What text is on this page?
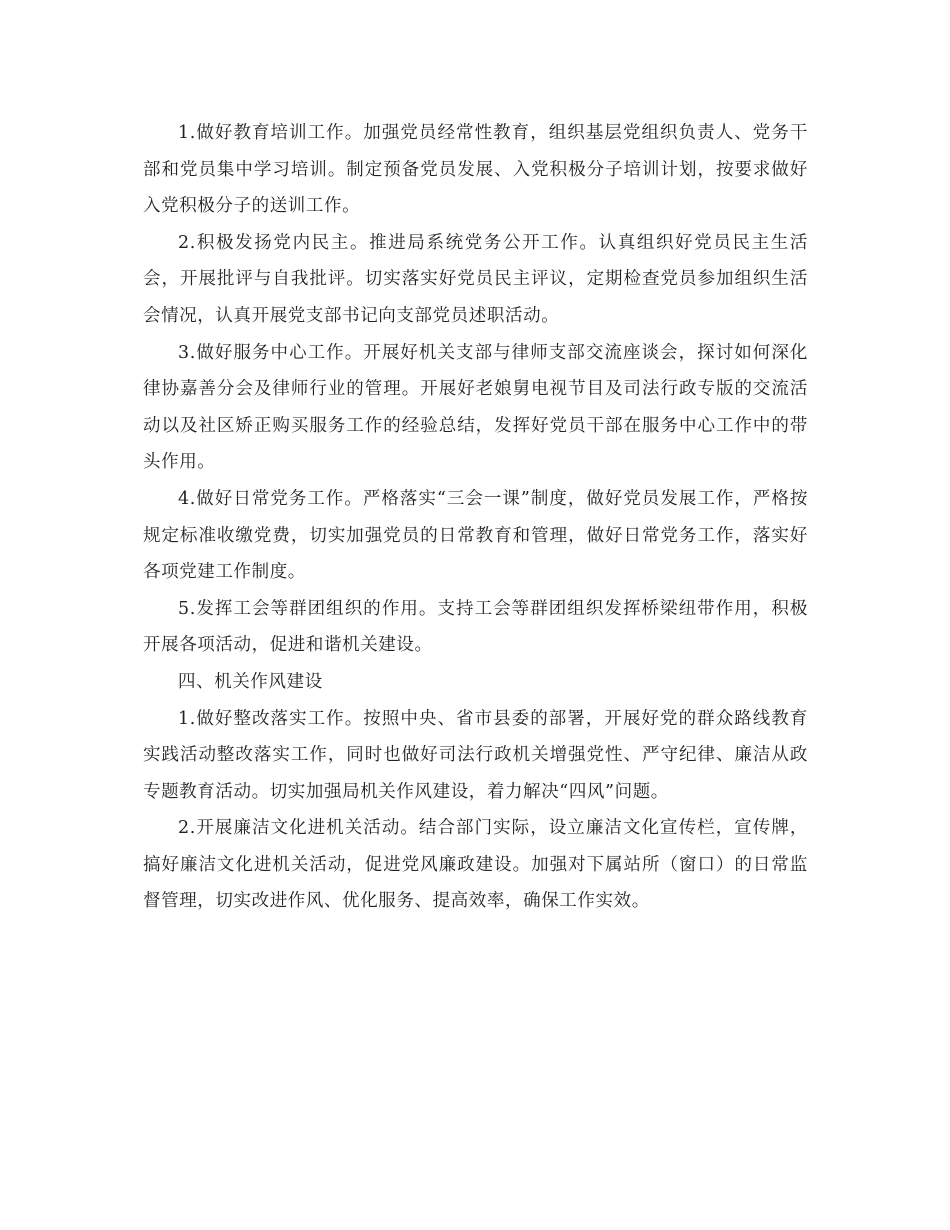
1.做好教育培训工作。加强党员经常性教育，组织基层党组织负责人、党务干部和党员集中学习培训。制定预备党员发展、入党积极分子培训计划，按要求做好入党积极分子的送训工作。

2.积极发扬党内民主。推进局系统党务公开工作。认真组织好党员民主生活会，开展批评与自我批评。切实落实好党员民主评议，定期检查党员参加组织生活会情况，认真开展党支部书记向支部党员述职活动。

3.做好服务中心工作。开展好机关支部与律师支部交流座谈会，探讨如何深化律协嘉善分会及律师行业的管理。开展好老娘舅电视节目及司法行政专版的交流活动以及社区矫正购买服务工作的经验总结，发挥好党员干部在服务中心工作中的带头作用。

4.做好日常党务工作。严格落实“三会一课”制度，做好党员发展工作，严格按规定标准收缴党费，切实加强党员的日常教育和管理，做好日常党务工作，落实好各项党建工作制度。

5.发挥工会等群团组织的作用。支持工会等群团组织发挥桥梁纽带作用，积极开展各项活动，促进和谐机关建设。

四、机关作风建设

1.做好整改落实工作。按照中央、省市县委的部署，开展好党的群众路线教育实践活动整改落实工作，同时也做好司法行政机关增强党性、严守纪律、廉洁从政专题教育活动。切实加强局机关作风建设，着力解决“四风”问题。

2.开展廉洁文化进机关活动。结合部门实际，设立廉洁文化宣传栏，宣传牌，搞好廉洁文化进机关活动，促进党风廉政建设。加强对下属站所（窗口）的日常监督管理，切实改进作风、优化服务、提高效率，确保工作实效。
